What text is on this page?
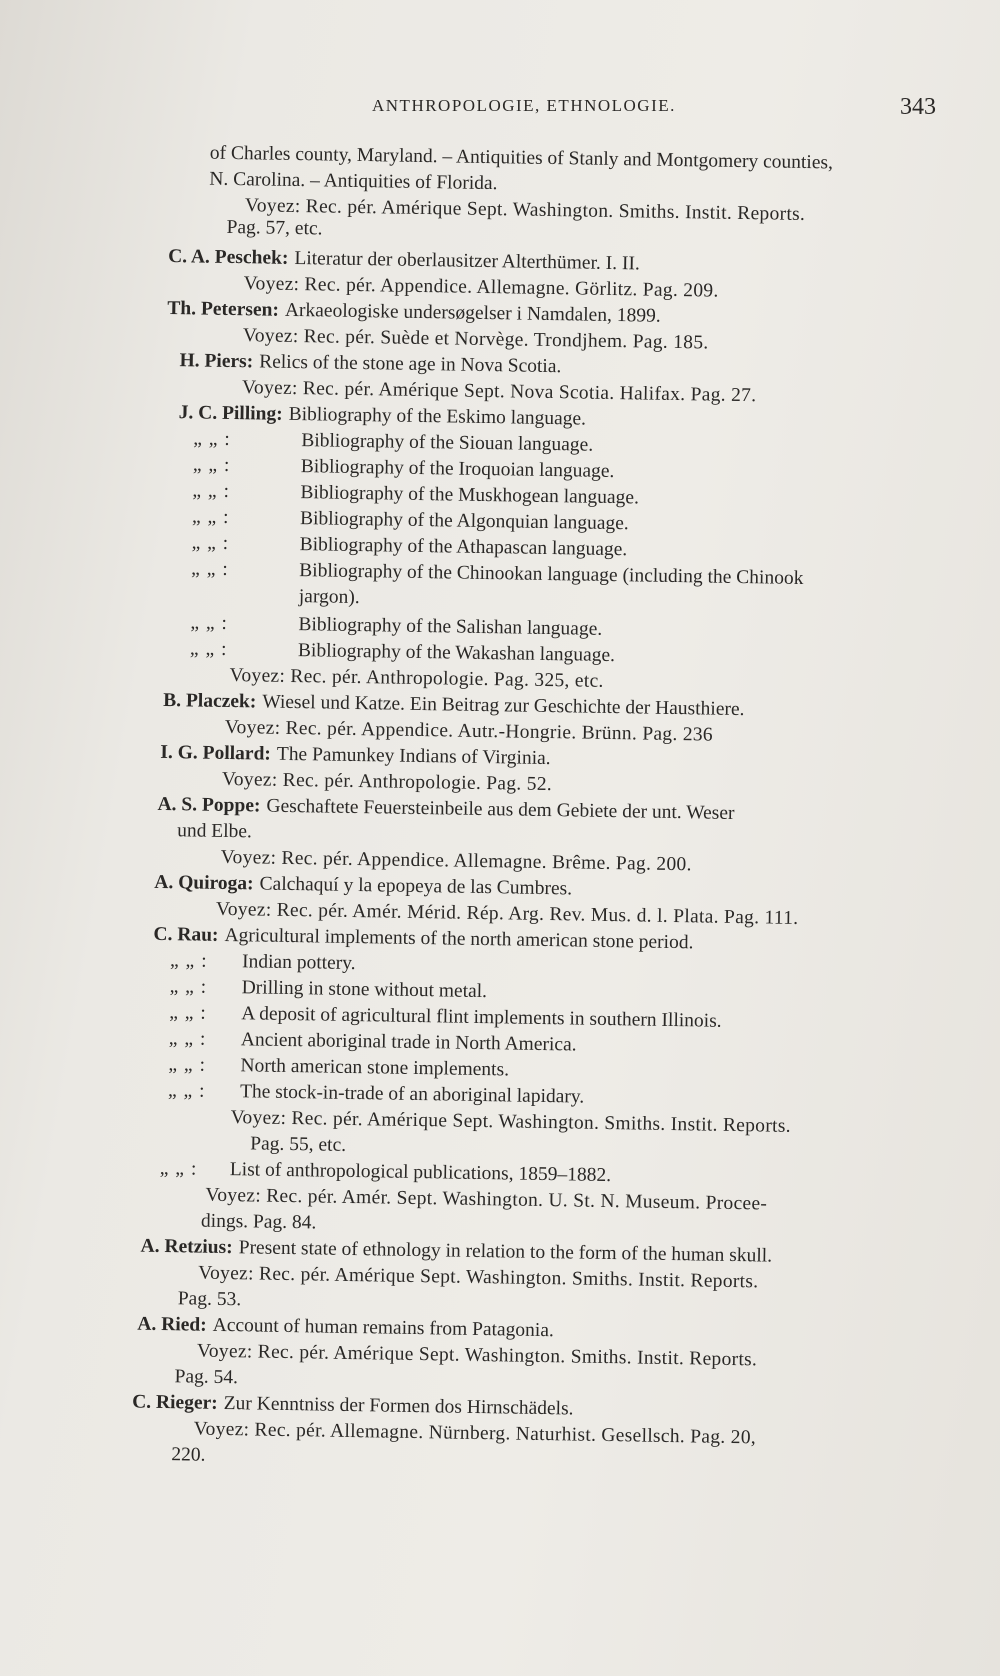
ANTHROPOLOGIE, ETHNOLOGIE.	343
of Charles county, Maryland. – Antiquities of Stanly and Montgomery counties,
N. Carolina. – Antiquities of Florida.
Voyez: Rec. pér. Amérique Sept. Washington. Smiths. Instit. Reports.
Pag. 57, etc.
C. A. Peschek: Literatur der oberlausitzer Alterthümer. I. II.
Voyez: Rec. pér. Appendice. Allemagne. Görlitz. Pag. 209.
Th. Petersen: Arkaeologiske undersøgelser i Namdalen, 1899.
Voyez: Rec. pér. Suède et Norvège. Trondjhem. Pag. 185.
H. Piers: Relics of the stone age in Nova Scotia.
Voyez: Rec. pér. Amérique Sept. Nova Scotia. Halifax. Pag. 27.
J. C. Pilling: Bibliography of the Eskimo language.
„ „ :	Bibliography of the Siouan language.
„ „ :	Bibliography of the Iroquoian language.
„ „ :	Bibliography of the Muskhogean language.
„ „ :	Bibliography of the Algonquian language.
„ „ :	Bibliography of the Athapascan language.
„ „ :	Bibliography of the Chinookan language (including the Chinook
jargon).
„ „ :	Bibliography of the Salishan language.
„ „ :	Bibliography of the Wakashan language.
Voyez: Rec. pér. Anthropologie. Pag. 325, etc.
B. Placzek: Wiesel und Katze. Ein Beitrag zur Geschichte der Hausthiere.
Voyez: Rec. pér. Appendice. Autr.-Hongrie. Brünn. Pag. 236
I. G. Pollard: The Pamunkey Indians of Virginia.
Voyez: Rec. pér. Anthropologie. Pag. 52.
A. S. Poppe: Geschaftete Feuersteinbeile aus dem Gebiete der unt. Weser
und Elbe.
Voyez: Rec. pér. Appendice. Allemagne. Brême. Pag. 200.
A. Quiroga: Calchaquí y la epopeya de las Cumbres.
Voyez: Rec. pér. Amér. Mérid. Rép. Arg. Rev. Mus. d. l. Plata. Pag. 111.
C. Rau: Agricultural implements of the north american stone period.
„ „ : Indian pottery.
„ „ : Drilling in stone without metal.
„ „ : A deposit of agricultural flint implements in southern Illinois.
„ „ : Ancient aboriginal trade in North America.
„ „ : North american stone implements.
„ „ : The stock-in-trade of an aboriginal lapidary.
Voyez: Rec. pér. Amérique Sept. Washington. Smiths. Instit. Reports.
Pag. 55, etc.
„ „ : List of anthropological publications, 1859–1882.
Voyez: Rec. pér. Amér. Sept. Washington. U. St. N. Museum. Procee-
dings. Pag. 84.
A. Retzius: Present state of ethnology in relation to the form of the human skull.
Voyez: Rec. pér. Amérique Sept. Washington. Smiths. Instit. Reports.
Pag. 53.
A. Ried: Account of human remains from Patagonia.
Voyez: Rec. pér. Amérique Sept. Washington. Smiths. Instit. Reports.
Pag. 54.
C. Rieger: Zur Kenntniss der Formen dos Hirnschädels.
Voyez: Rec. pér. Allemagne. Nürnberg. Naturhist. Gesellsch. Pag. 20,
220.
